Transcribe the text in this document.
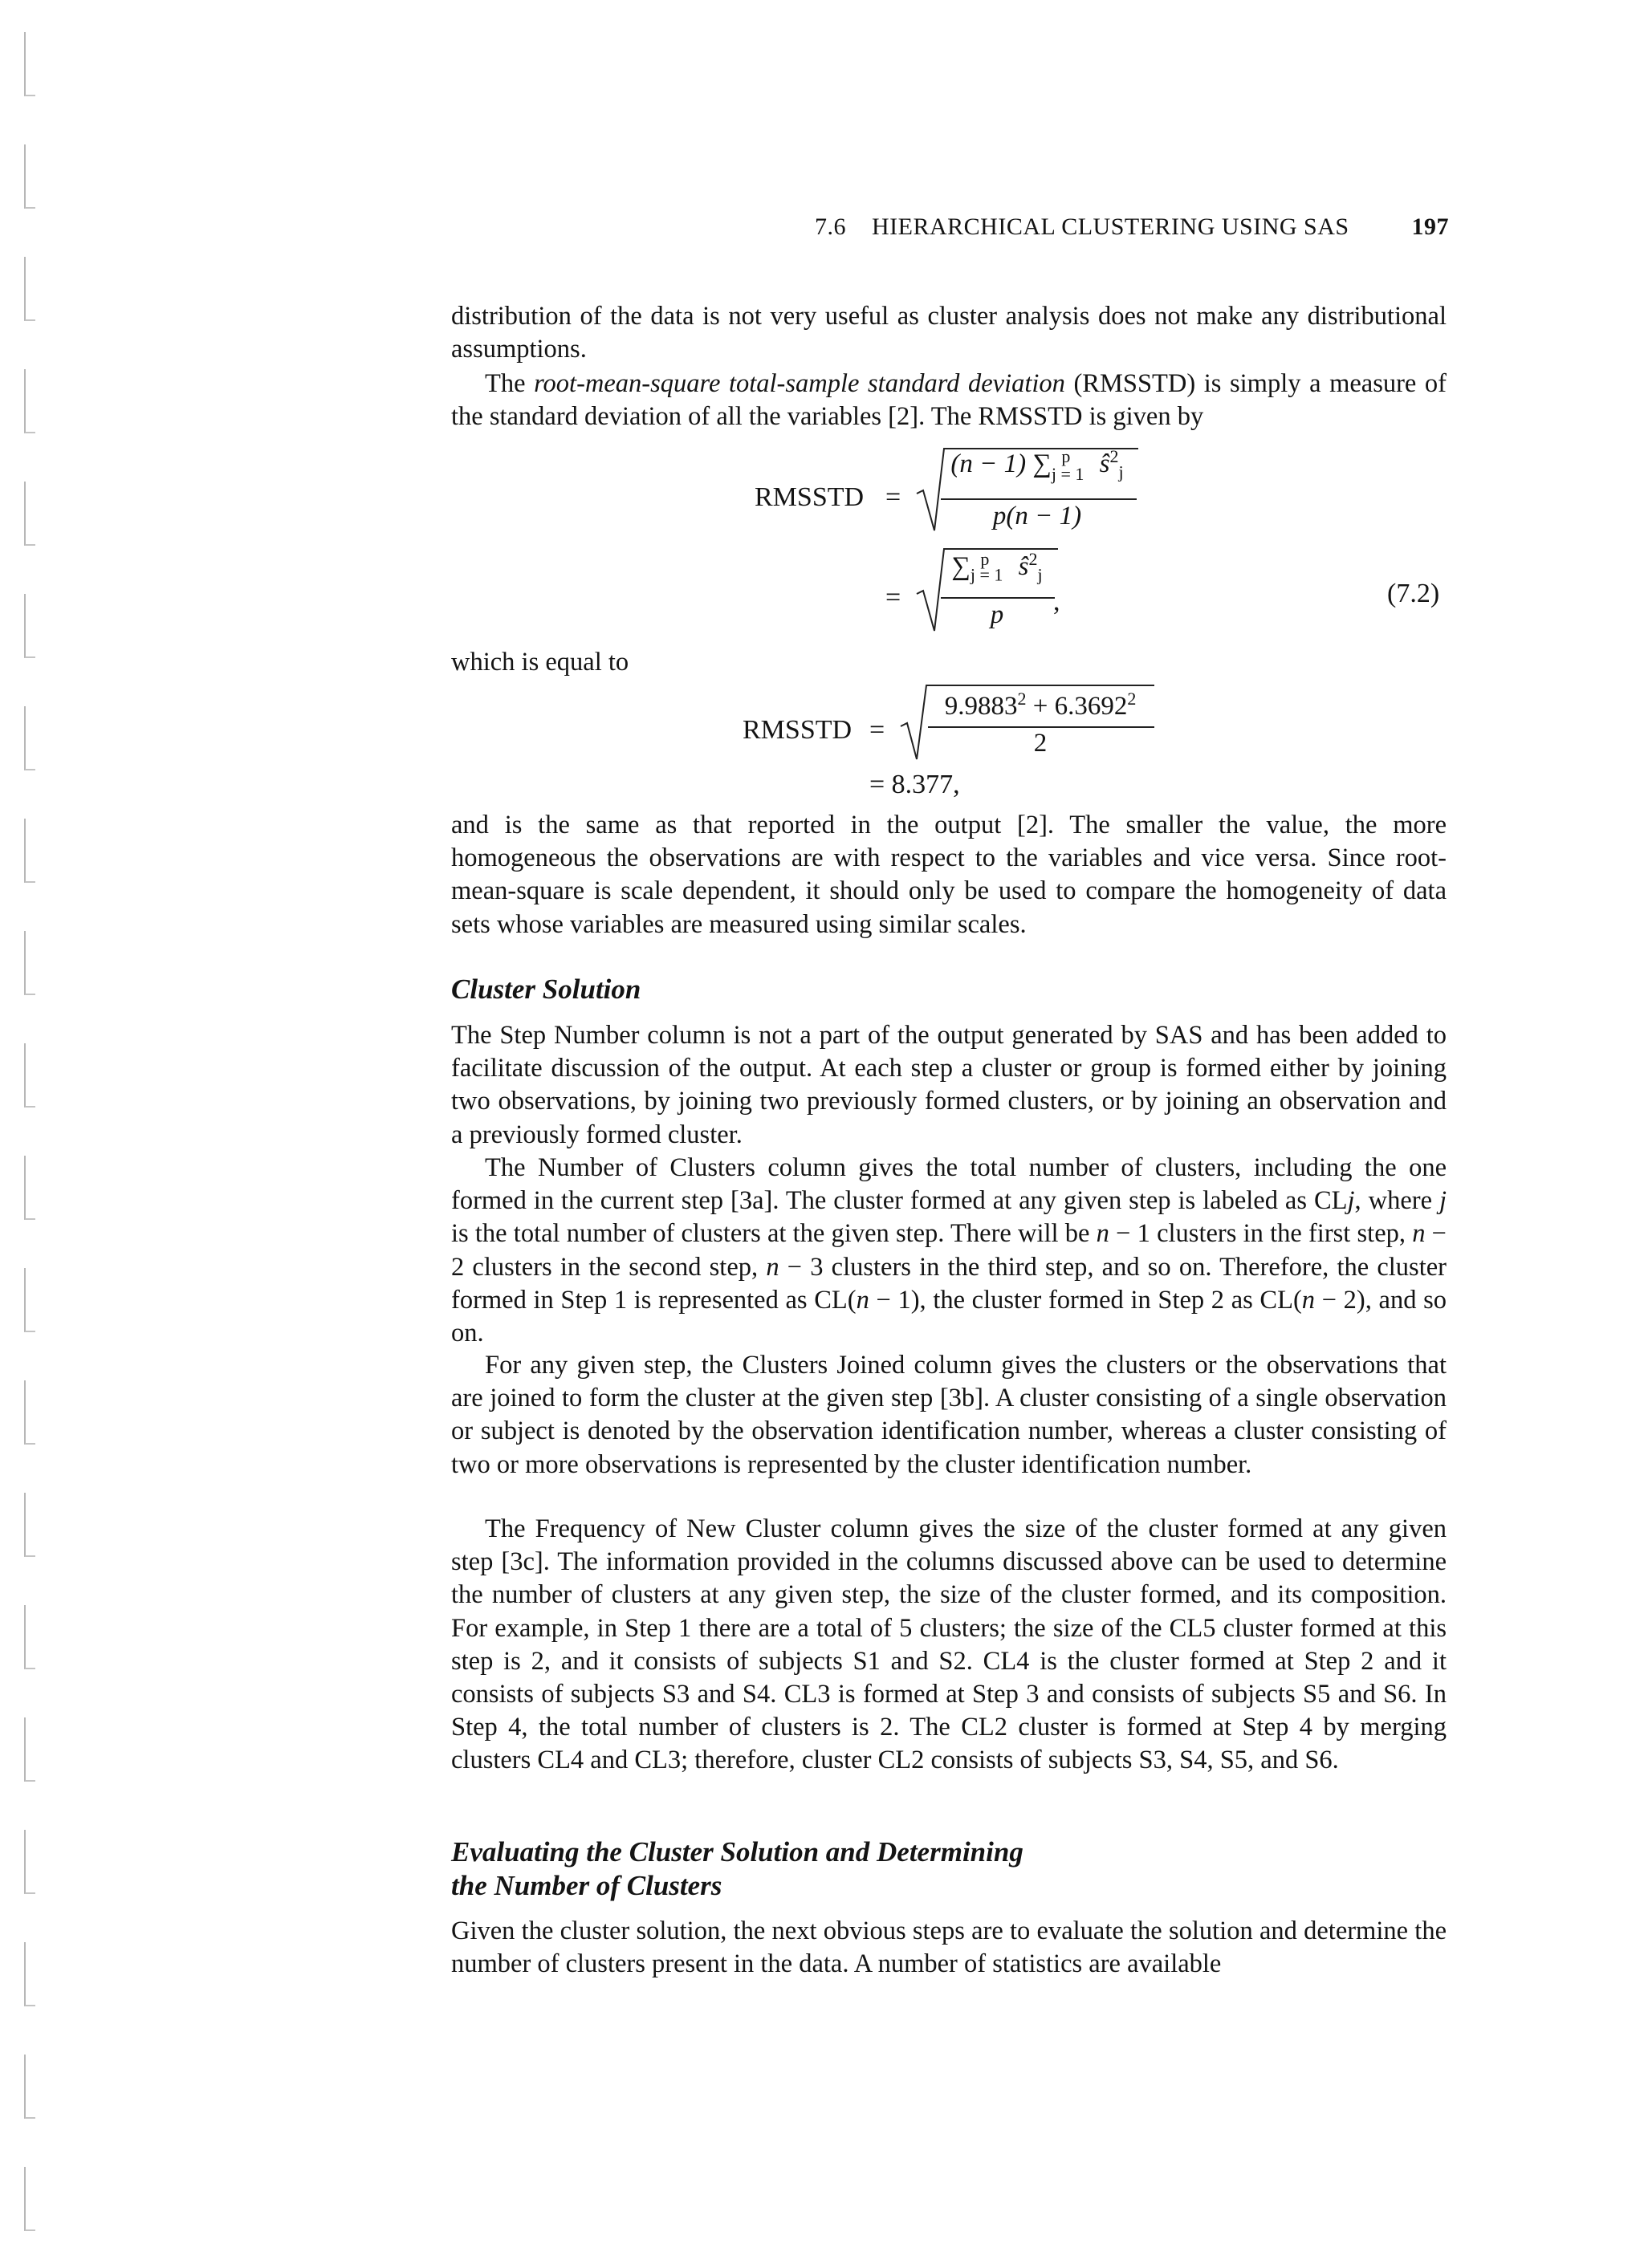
7.6 HIERARCHICAL CLUSTERING USING SAS	197

distribution of the data is not very useful as cluster analysis does not make any distributional assumptions.

The root-mean-square total-sample standard deviation (RMSSTD) is simply a measure of the standard deviation of all the variables [2]. The RMSSTD is given by

RMSSTD =
(n − 1) $\sum_{j = 1}^p$ $ŝ^2_j$
p(n − 1)
=
$\sum_{j = 1}^p$ $ŝ^2_j$
p	,	(7.2)

which is equal to

RMSSTD =
$9.9883^2 + 6.3692^2$
2
= 8.377,

and is the same as that reported in the output [2]. The smaller the value, the more homogeneous the observations are with respect to the variables and vice versa. Since root-mean-square is scale dependent, it should only be used to compare the homogeneity of data sets whose variables are measured using similar scales.

Cluster Solution

The Step Number column is not a part of the output generated by SAS and has been added to facilitate discussion of the output. At each step a cluster or group is formed either by joining two observations, by joining two previously formed clusters, or by joining an observation and a previously formed cluster.

The Number of Clusters column gives the total number of clusters, including the one formed in the current step [3a]. The cluster formed at any given step is labeled as CLj, where j is the total number of clusters at the given step. There will be n − 1 clusters in the first step, n − 2 clusters in the second step, n − 3 clusters in the third step, and so on. Therefore, the cluster formed in Step 1 is represented as CL(n − 1), the cluster formed in Step 2 as CL(n − 2), and so on.

For any given step, the Clusters Joined column gives the clusters or the observations that are joined to form the cluster at the given step [3b]. A cluster consisting of a single observation or subject is denoted by the observation identification number, whereas a cluster consisting of two or more observations is represented by the cluster identification number.

The Frequency of New Cluster column gives the size of the cluster formed at any given step [3c]. The information provided in the columns discussed above can be used to determine the number of clusters at any given step, the size of the cluster formed, and its composition. For example, in Step 1 there are a total of 5 clusters; the size of the CL5 cluster formed at this step is 2, and it consists of subjects S1 and S2. CL4 is the cluster formed at Step 2 and it consists of subjects S3 and S4. CL3 is formed at Step 3 and consists of subjects S5 and S6. In Step 4, the total number of clusters is 2. The CL2 cluster is formed at Step 4 by merging clusters CL4 and CL3; therefore, cluster CL2 consists of subjects S3, S4, S5, and S6.

Evaluating the Cluster Solution and Determining
the Number of Clusters

Given the cluster solution, the next obvious steps are to evaluate the solution and determine the number of clusters present in the data. A number of statistics are available
